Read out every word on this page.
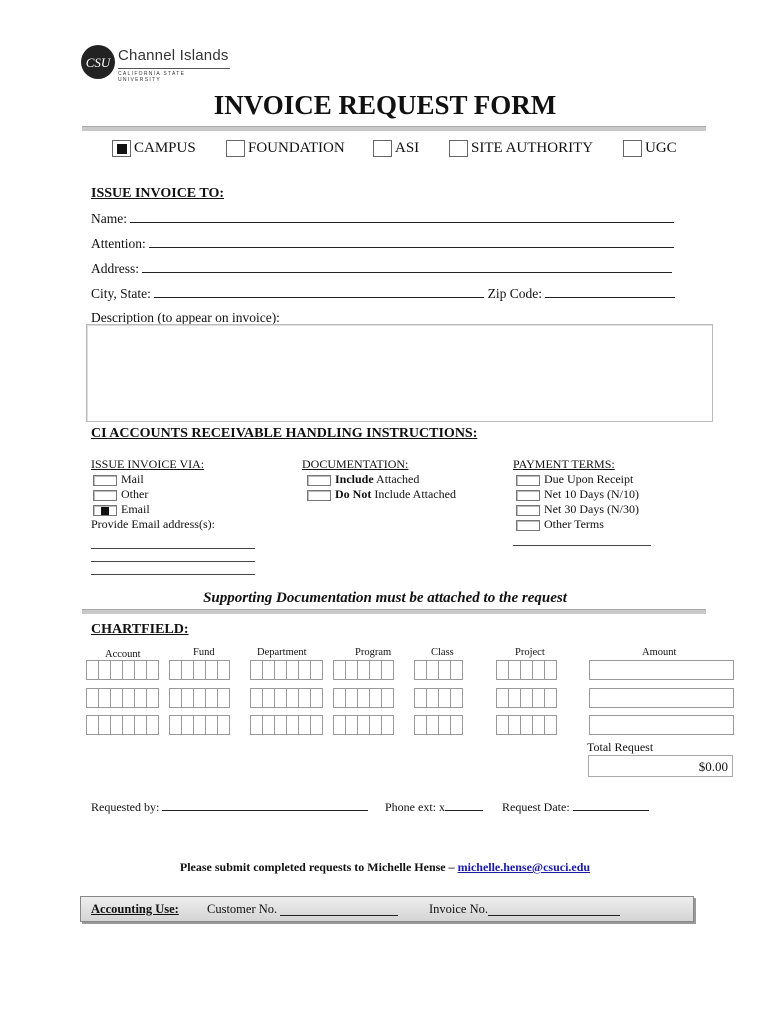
CSU Channel Islands
CALIFORNIA STATE UNIVERSITY
INVOICE REQUEST FORM
CAMPUS	FOUNDATION	ASI	SITE AUTHORITY	UGC
ISSUE INVOICE TO:
Name:
Attention:
Address:
City, State:	Zip Code:
Description (to appear on invoice):
CI ACCOUNTS RECEIVABLE HANDLING INSTRUCTIONS:
ISSUE INVOICE VIA:
Mail
Other
Email
Provide Email address(s):
DOCUMENTATION:
Include Attached
Do Not Include Attached
PAYMENT TERMS:
Due Upon Receipt
Net 10 Days (N/10)
Net 30 Days (N/30)
Other Terms
Supporting Documentation must be attached to the request
CHARTFIELD:
Account	Fund	Department	Program	Class	Project	Amount
Total Request
$0.00
Requested by:	Phone ext: x	Request Date:
Please submit completed requests to Michelle Hense – michelle.hense@csuci.edu
Accounting Use: Customer No.	Invoice No.
